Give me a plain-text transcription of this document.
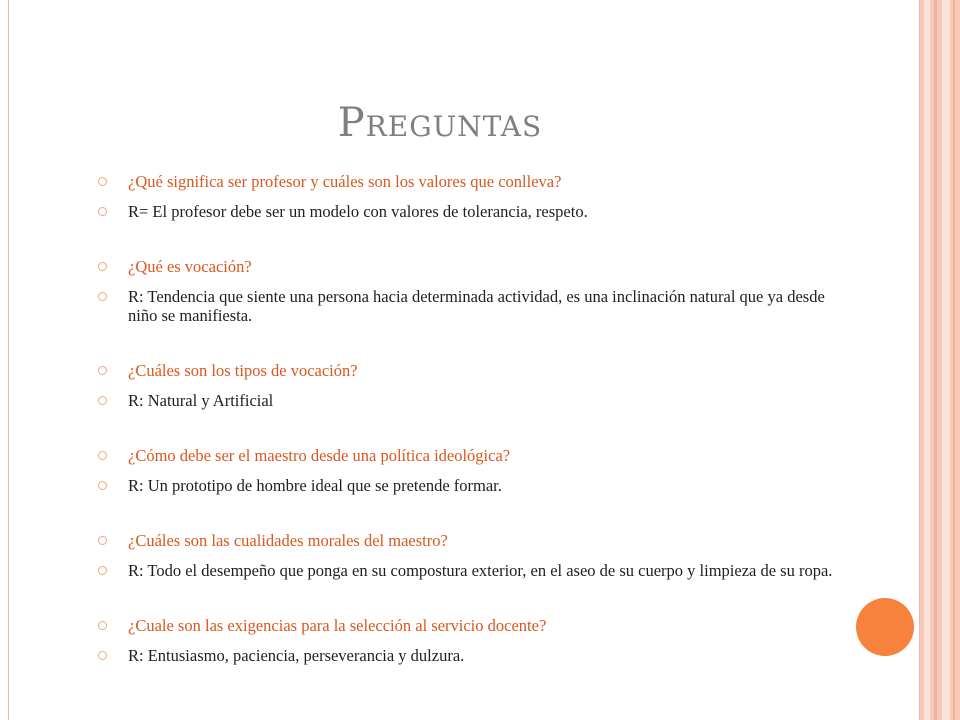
Preguntas
¿Qué significa ser profesor y cuáles son los valores que conlleva?
R= El profesor debe ser un modelo con valores de tolerancia, respeto.
¿Qué es vocación?
R: Tendencia que siente una persona hacia determinada actividad, es una inclinación natural que ya desde niño se manifiesta.
¿Cuáles son los tipos de vocación?
R: Natural y Artificial
¿Cómo debe ser el maestro desde una política ideológica?
R: Un prototipo de hombre ideal que se pretende formar.
¿Cuáles son las cualidades morales del maestro?
R: Todo el desempeño que ponga en su compostura exterior, en el aseo de su cuerpo y limpieza de su ropa.
¿Cuale son las exigencias para la selección al servicio docente?
R: Entusiasmo, paciencia, perseverancia y dulzura.
